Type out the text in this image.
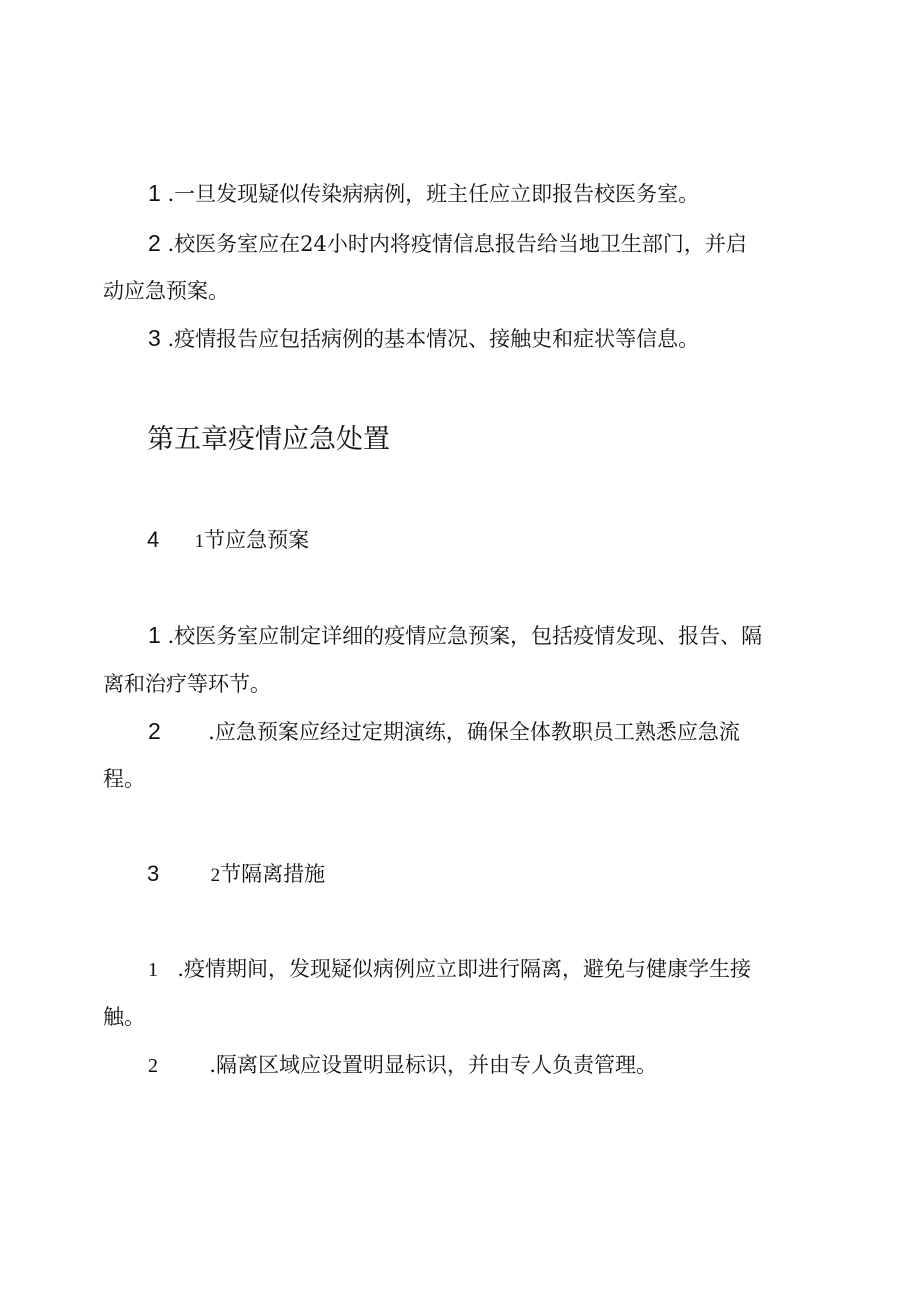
1 .一旦发现疑似传染病病例，班主任应立即报告校医务室。
2 .校医务室应在24小时内将疫情信息报告给当地卫生部门，并启
动应急预案。
3 .疫情报告应包括病例的基本情况、接触史和症状等信息。
第五章疫情应急处置
4 1节应急预案
1 .校医务室应制定详细的疫情应急预案，包括疫情发现、报告、隔
离和治疗等环节。
2 .应急预案应经过定期演练，确保全体教职员工熟悉应急流
程。
3	2节隔离措施
1 .疫情期间，发现疑似病例应立即进行隔离，避免与健康学生接
触。
2 .隔离区域应设置明显标识，并由专人负责管理。
